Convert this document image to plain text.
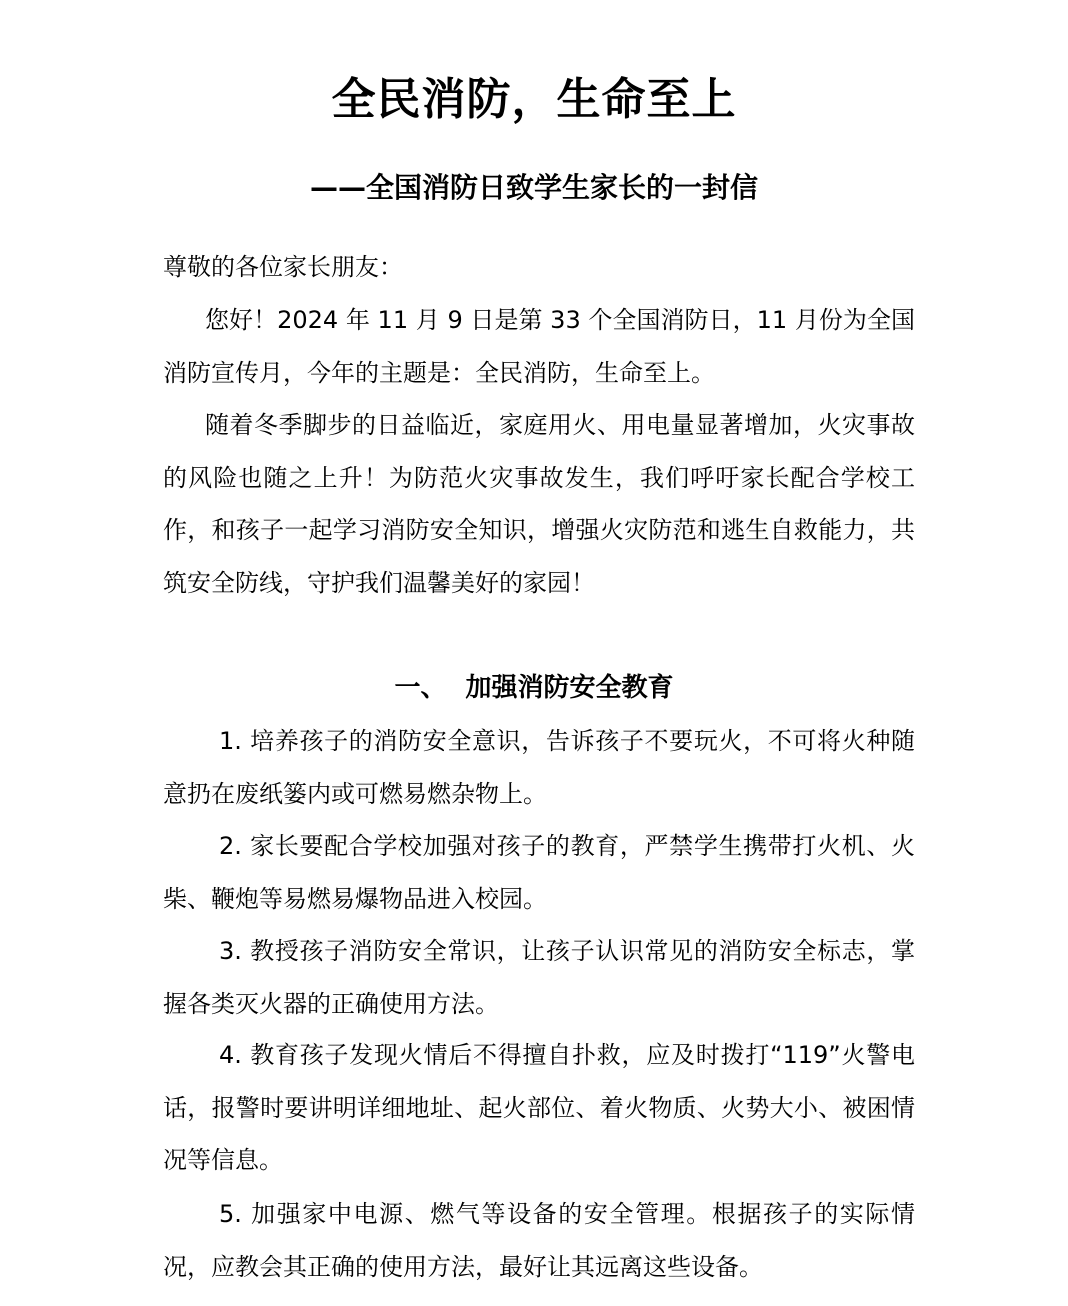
全民消防，生命至上
——全国消防日致学生家长的一封信

尊敬的各位家长朋友：

您好！2024 年 11 月 9 日是第 33 个全国消防日，11 月份为全国消防宣传月，今年的主题是：全民消防，生命至上。

随着冬季脚步的日益临近，家庭用火、用电量显著增加，火灾事故的风险也随之上升！为防范火灾事故发生，我们呼吁家长配合学校工作，和孩子一起学习消防安全知识，增强火灾防范和逃生自救能力，共筑安全防线，守护我们温馨美好的家园！

一、 加强消防安全教育

1. 培养孩子的消防安全意识，告诉孩子不要玩火，不可将火种随意扔在废纸篓内或可燃易燃杂物上。

2. 家长要配合学校加强对孩子的教育，严禁学生携带打火机、火柴、鞭炮等易燃易爆物品进入校园。

3. 教授孩子消防安全常识，让孩子认识常见的消防安全标志，掌握各类灭火器的正确使用方法。

4. 教育孩子发现火情后不得擅自扑救，应及时拨打“119”火警电话，报警时要讲明详细地址、起火部位、着火物质、火势大小、被困情况等信息。

5. 加强家中电源、燃气等设备的安全管理。根据孩子的实际情况，应教会其正确的使用方法，最好让其远离这些设备。
